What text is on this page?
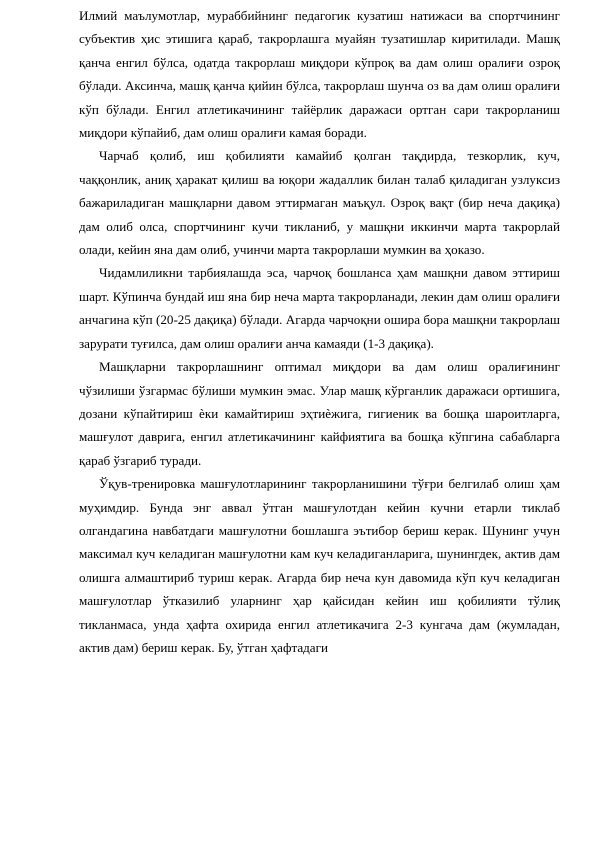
Илмий маълумотлар, мураббийнинг педагогик кузатиш натижаси ва спортчининг субъектив ҳис этишига қараб, такрорлашга муайян тузатишлар киритилади. Машқ қанча енгил бўлса, одатда такрорлаш миқдори кўпроқ ва дам олиш оралиғи озроқ бўлади. Аксинча, машқ қанча қийин бўлса, такрорлаш шунча оз ва дам олиш оралиғи кўп бўлади. Енгил атлетикачининг тайёрлик даражаси ортган сари такрорланиш миқдори кўпайиб, дам олиш оралиғи камая боради.

Чарчаб қолиб, иш қобилияти камайиб қолган тақдирда, тезкорлик, куч, чаққонлик, аниқ ҳаракат қилиш ва юқори жадаллик билан талаб қиладиган узлуксиз бажариладиган машқларни давом эттирмаган маъқул. Озроқ вақт (бир неча дақиқа) дам олиб олса, спортчининг кучи тикланиб, у машқни иккинчи марта такрорлай олади, кейин яна дам олиб, учинчи марта такрорлаши мумкин ва ҳоказо.

Чидамлиликни тарбиялашда эса, чарчоқ бошланса ҳам машқни давом эттириш шарт. Кўпинча бундай иш яна бир неча марта такрорланади, лекин дам олиш оралиғи анчагина кўп (20-25 дақиқа) бўлади. Агарда чарчоқни ошира бора машқни такрорлаш зарурати туғилса, дам олиш оралиғи анча камаяди (1-3 дақиқа).

Машқларни такрорлашнинг оптимал миқдори ва дам олиш оралиғининг чўзилиши ўзгармас бўлиши мумкин эмас. Улар машқ кўрганлик даражаси ортишига, дозани кўпайтириш ѐки камайтириш эҳтиѐжига, гигиеник ва бошқа шароитларга, машғулот даврига, енгил атлетикачининг кайфиятига ва бошқа кўпгина сабабларга қараб ўзгариб туради.

Ўқув-тренировка машғулотларининг такрорланишини тўғри белгилаб олиш ҳам муҳимдир. Бунда энг аввал ўтган машғулотдан кейин кучни етарли тиклаб олгандагина навбатдаги машғулотни бошлашга эътибор бериш керак. Шунинг учун максимал куч келадиган машғулотни кам куч келадиганларига, шунингдек, актив дам олишга алмаштириб туриш керак. Агарда бир неча кун давомида кўп куч келадиган машғулотлар ўтказилиб уларнинг ҳар қайсидан кейин иш қобилияти тўлиқ тикланмаса, унда ҳафта охирида енгил атлетикачига 2-3 кунгача дам (жумладан, актив дам) бериш керак. Бу, ўтган ҳафтадаги
